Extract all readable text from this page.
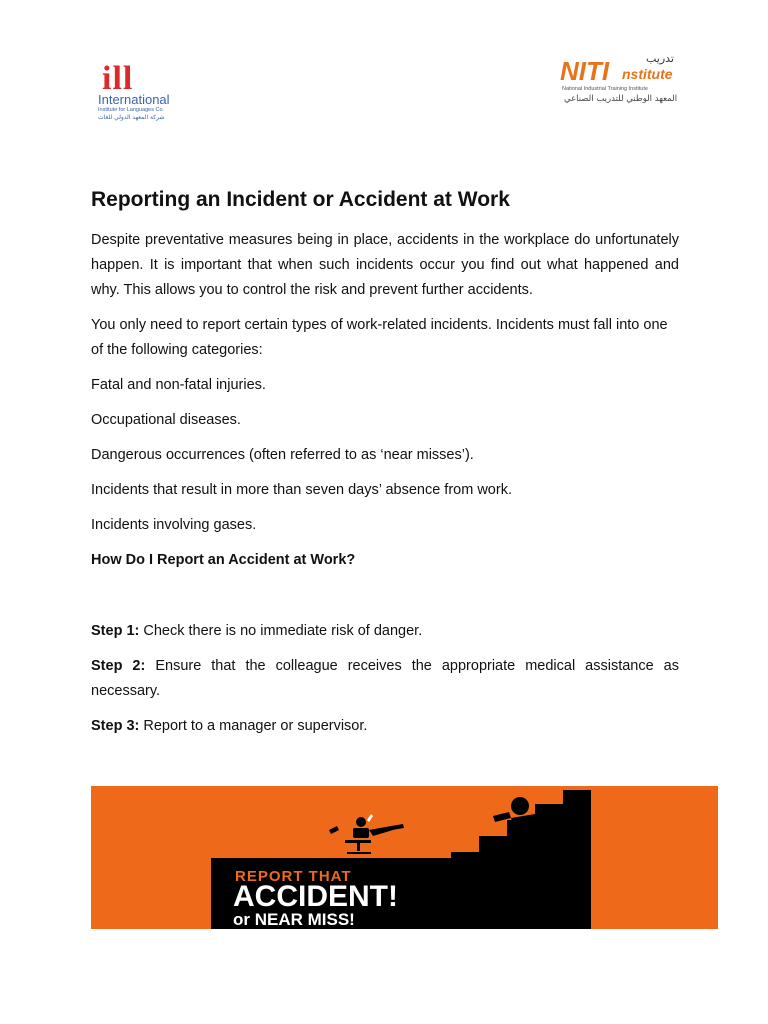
ill
International
Institute for Languages Co.
شركة المعهد الدولي للغات
NITI nstitute
تدريب
National Industrial Training Institute
المعهد الوطني للتدريب الصناعي
Reporting an Incident or Accident at Work

Despite preventative measures being in place, accidents in the workplace do unfortunately happen. It is important that when such incidents occur you find out what happened and why. This allows you to control the risk and prevent further accidents.

You only need to report certain types of work-related incidents. Incidents must fall into one of the following categories:

Fatal and non-fatal injuries.

Occupational diseases.

Dangerous occurrences (often referred to as ‘near misses’).

Incidents that result in more than seven days’ absence from work.

Incidents involving gases.

How Do I Report an Accident at Work?

Step 1: Check there is no immediate risk of danger.

Step 2: Ensure that the colleague receives the appropriate medical assistance as necessary.

Step 3: Report to a manager or supervisor.

REPORT THAT
ACCIDENT!
or NEAR MISS!
